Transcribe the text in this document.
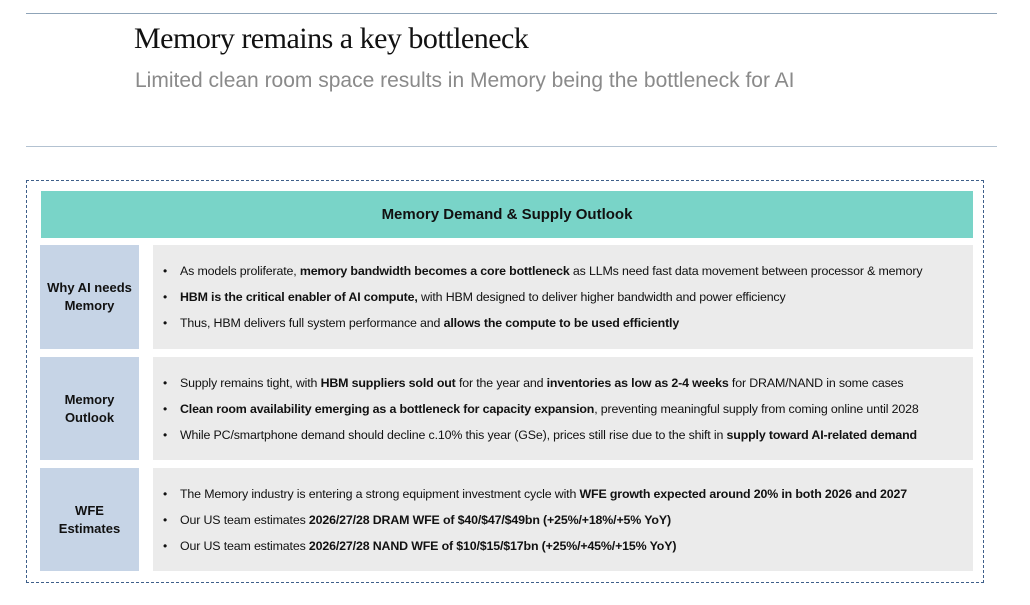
Memory remains a key bottleneck

Limited clean room space results in Memory being the bottleneck for AI

Memory Demand & Supply Outlook
Why AI needs
Memory
• As models proliferate, memory bandwidth becomes a core bottleneck as LLMs need fast data movement between processor & memory
• HBM is the critical enabler of AI compute, with HBM designed to deliver higher bandwidth and power efficiency
• Thus, HBM delivers full system performance and allows the compute to be used efficiently
Memory
Outlook
• Supply remains tight, with HBM suppliers sold out for the year and inventories as low as 2-4 weeks for DRAM/NAND in some cases
• Clean room availability emerging as a bottleneck for capacity expansion, preventing meaningful supply from coming online until 2028
• While PC/smartphone demand should decline c.10% this year (GSe), prices still rise due to the shift in supply toward AI-related demand
WFE
Estimates
• The Memory industry is entering a strong equipment investment cycle with WFE growth expected around 20% in both 2026 and 2027
• Our US team estimates 2026/27/28 DRAM WFE of $40/$47/$49bn (+25%/+18%/+5% YoY)
• Our US team estimates 2026/27/28 NAND WFE of $10/$15/$17bn (+25%/+45%/+15% YoY)
